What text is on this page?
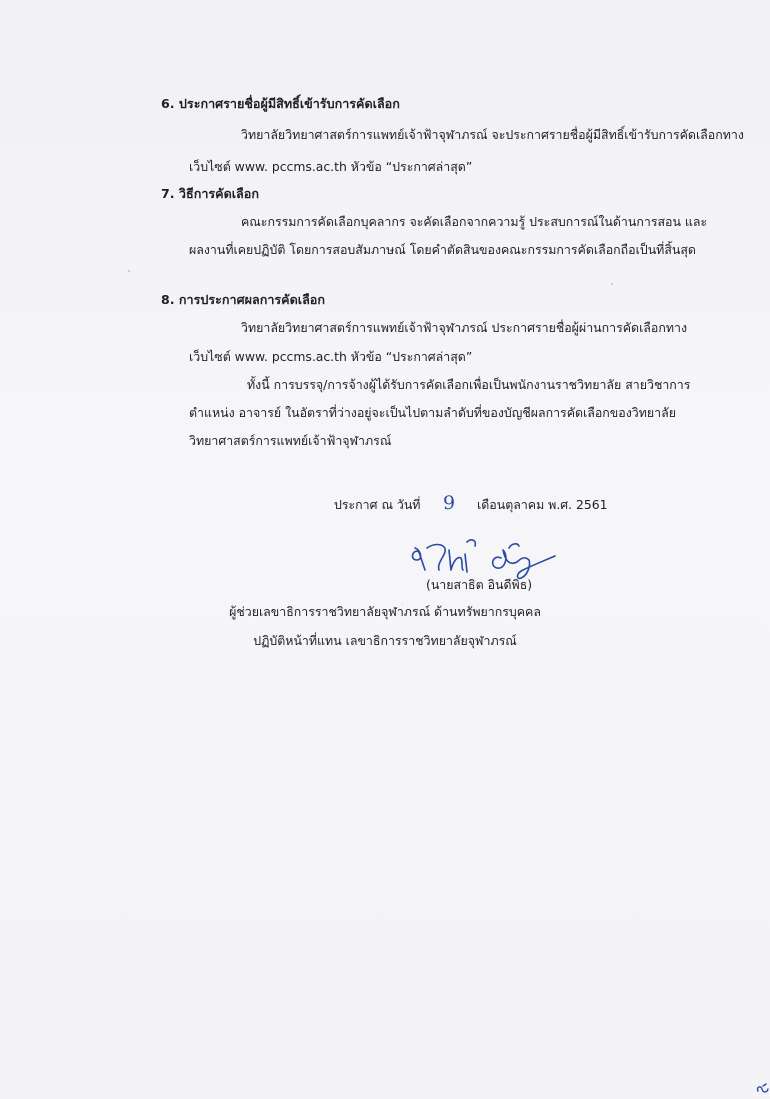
6. ประกาศรายชื่อผู้มีสิทธิ์เข้ารับการคัดเลือก
วิทยาลัยวิทยาศาสตร์การแพทย์เจ้าฟ้าจุฬาภรณ์ จะประกาศรายชื่อผู้มีสิทธิ์เข้ารับการคัดเลือกทาง
เว็บไซต์ www. pccms.ac.th หัวข้อ “ประกาศล่าสุด”
7. วิธีการคัดเลือก
คณะกรรมการคัดเลือกบุคลากร จะคัดเลือกจากความรู้ ประสบการณ์ในด้านการสอน และ
ผลงานที่เคยปฏิบัติ โดยการสอบสัมภาษณ์ โดยคำตัดสินของคณะกรรมการคัดเลือกถือเป็นที่สิ้นสุด
8. การประกาศผลการคัดเลือก
วิทยาลัยวิทยาศาสตร์การแพทย์เจ้าฟ้าจุฬาภรณ์ ประกาศรายชื่อผู้ผ่านการคัดเลือกทาง
เว็บไซต์ www. pccms.ac.th หัวข้อ “ประกาศล่าสุด”
ทั้งนี้ การบรรจุ/การจ้างผู้ได้รับการคัดเลือกเพื่อเป็นพนักงานราชวิทยาลัย สายวิชาการ
ตำแหน่ง อาจารย์ ในอัตราที่ว่างอยู่จะเป็นไปตามลำดับที่ของบัญชีผลการคัดเลือกของวิทยาลัย
วิทยาศาสตร์การแพทย์เจ้าฟ้าจุฬาภรณ์
ประกาศ ณ วันที่ 9 เดือนตุลาคม พ.ศ. 2561
(นายสาธิต อินดีพิธ)
ผู้ช่วยเลขาธิการราชวิทยาลัยจุฬาภรณ์ ด้านทรัพยากรบุคคล
ปฏิบัติหน้าที่แทน เลขาธิการราชวิทยาลัยจุฬาภรณ์
